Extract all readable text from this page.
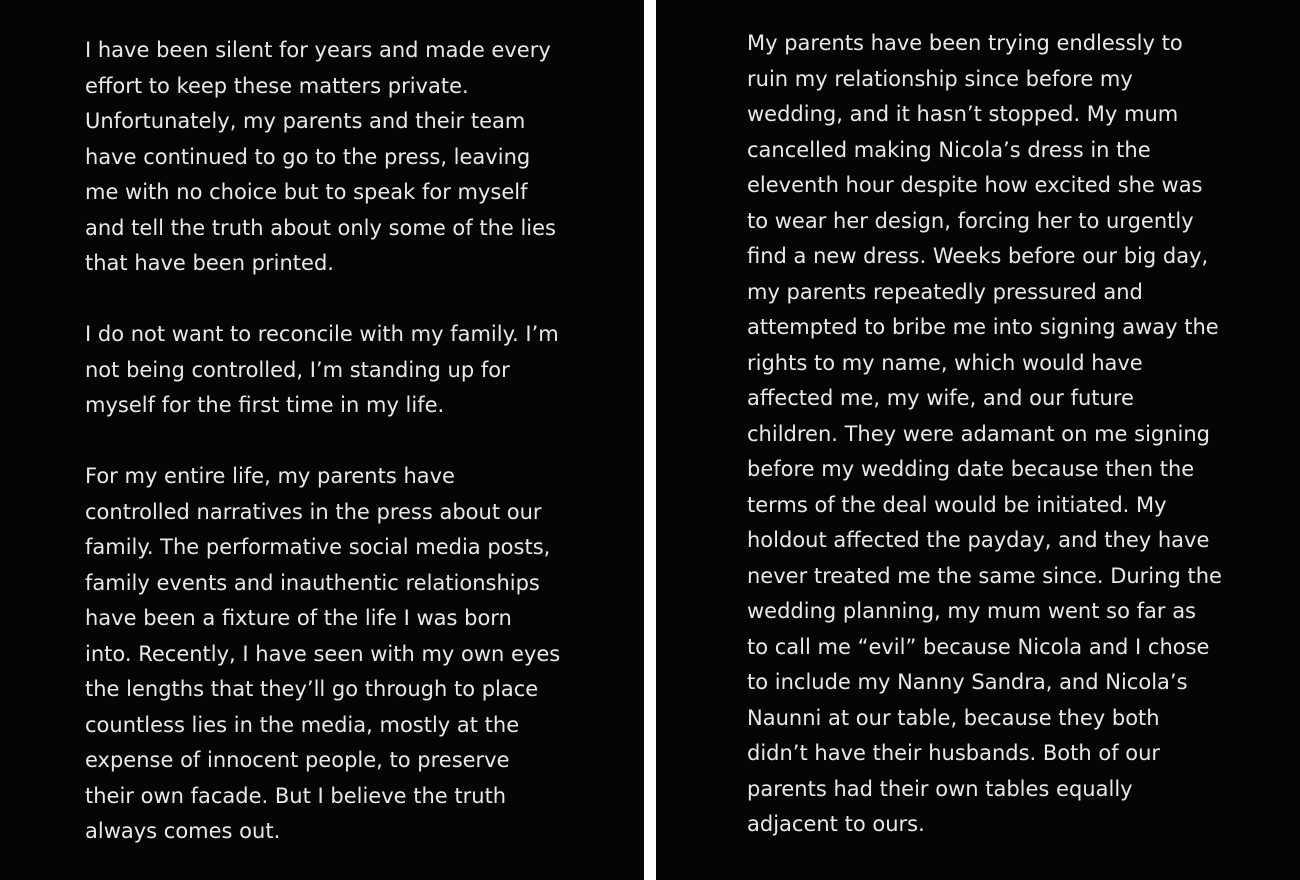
I have been silent for years and made every
effort to keep these matters private.
Unfortunately, my parents and their team
have continued to go to the press, leaving
me with no choice but to speak for myself
and tell the truth about only some of the lies
that have been printed.
I do not want to reconcile with my family. I’m
not being controlled, I’m standing up for
myself for the first time in my life.
For my entire life, my parents have
controlled narratives in the press about our
family. The performative social media posts,
family events and inauthentic relationships
have been a fixture of the life I was born
into. Recently, I have seen with my own eyes
the lengths that they’ll go through to place
countless lies in the media, mostly at the
expense of innocent people, to preserve
their own facade. But I believe the truth
always comes out.
My parents have been trying endlessly to
ruin my relationship since before my
wedding, and it hasn’t stopped. My mum
cancelled making Nicola’s dress in the
eleventh hour despite how excited she was
to wear her design, forcing her to urgently
find a new dress. Weeks before our big day,
my parents repeatedly pressured and
attempted to bribe me into signing away the
rights to my name, which would have
affected me, my wife, and our future
children. They were adamant on me signing
before my wedding date because then the
terms of the deal would be initiated. My
holdout affected the payday, and they have
never treated me the same since. During the
wedding planning, my mum went so far as
to call me “evil” because Nicola and I chose
to include my Nanny Sandra, and Nicola’s
Naunni at our table, because they both
didn’t have their husbands. Both of our
parents had their own tables equally
adjacent to ours.
